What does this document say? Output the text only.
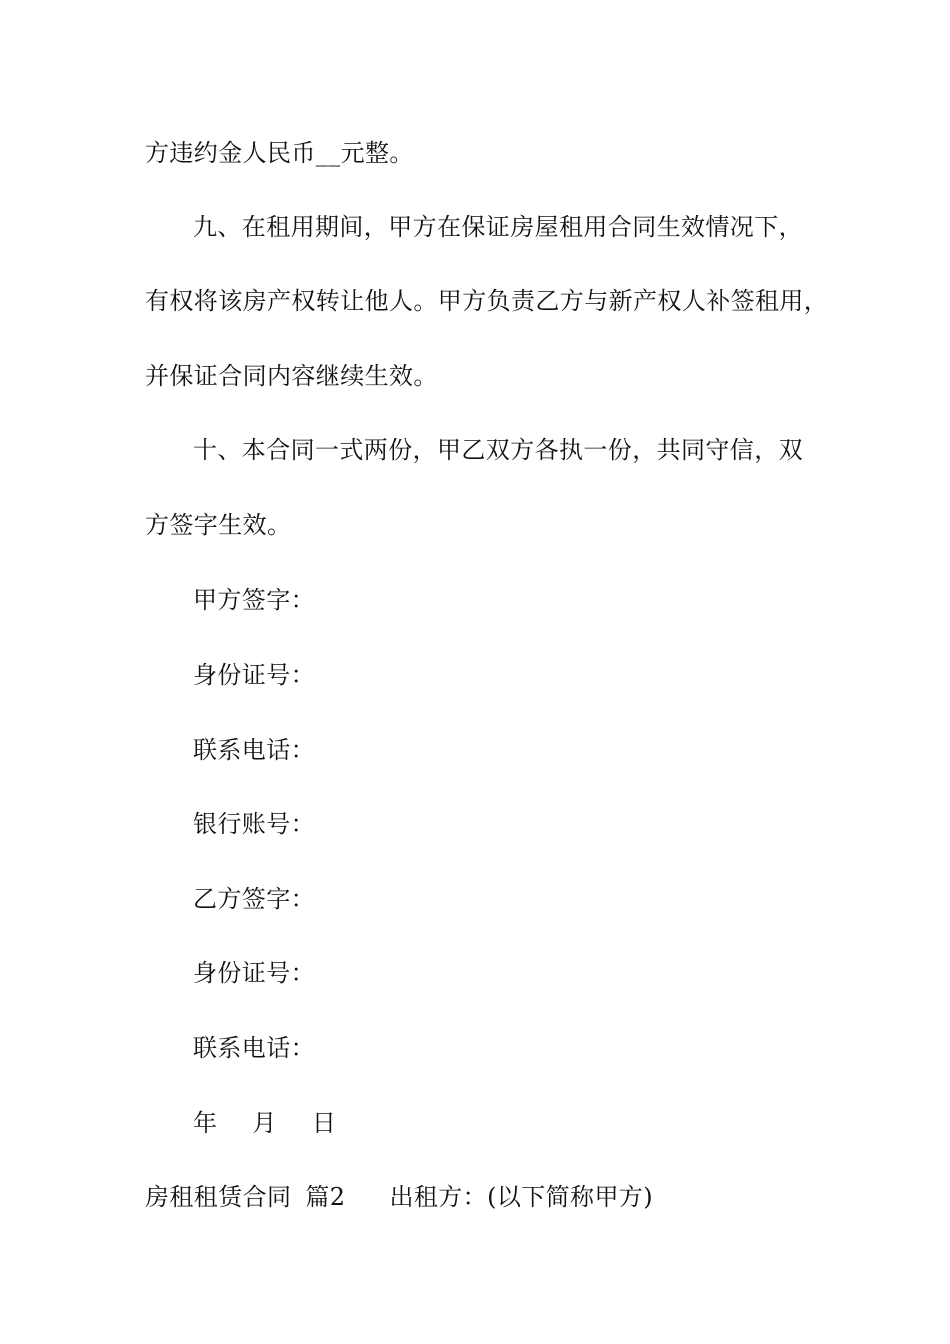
方违约金人民币__元整。
九、在租用期间，甲方在保证房屋租用合同生效情况下，
有权将该房产权转让他人。甲方负责乙方与新产权人补签租用，
并保证合同内容继续生效。
十、本合同一式两份，甲乙双方各执一份，共同守信，双
方签字生效。
甲方签字：
身份证号：
联系电话：
银行账号：
乙方签字：
身份证号：
联系电话：
年 月 日
房租租赁合同 篇2 出租方：(以下简称甲方)
